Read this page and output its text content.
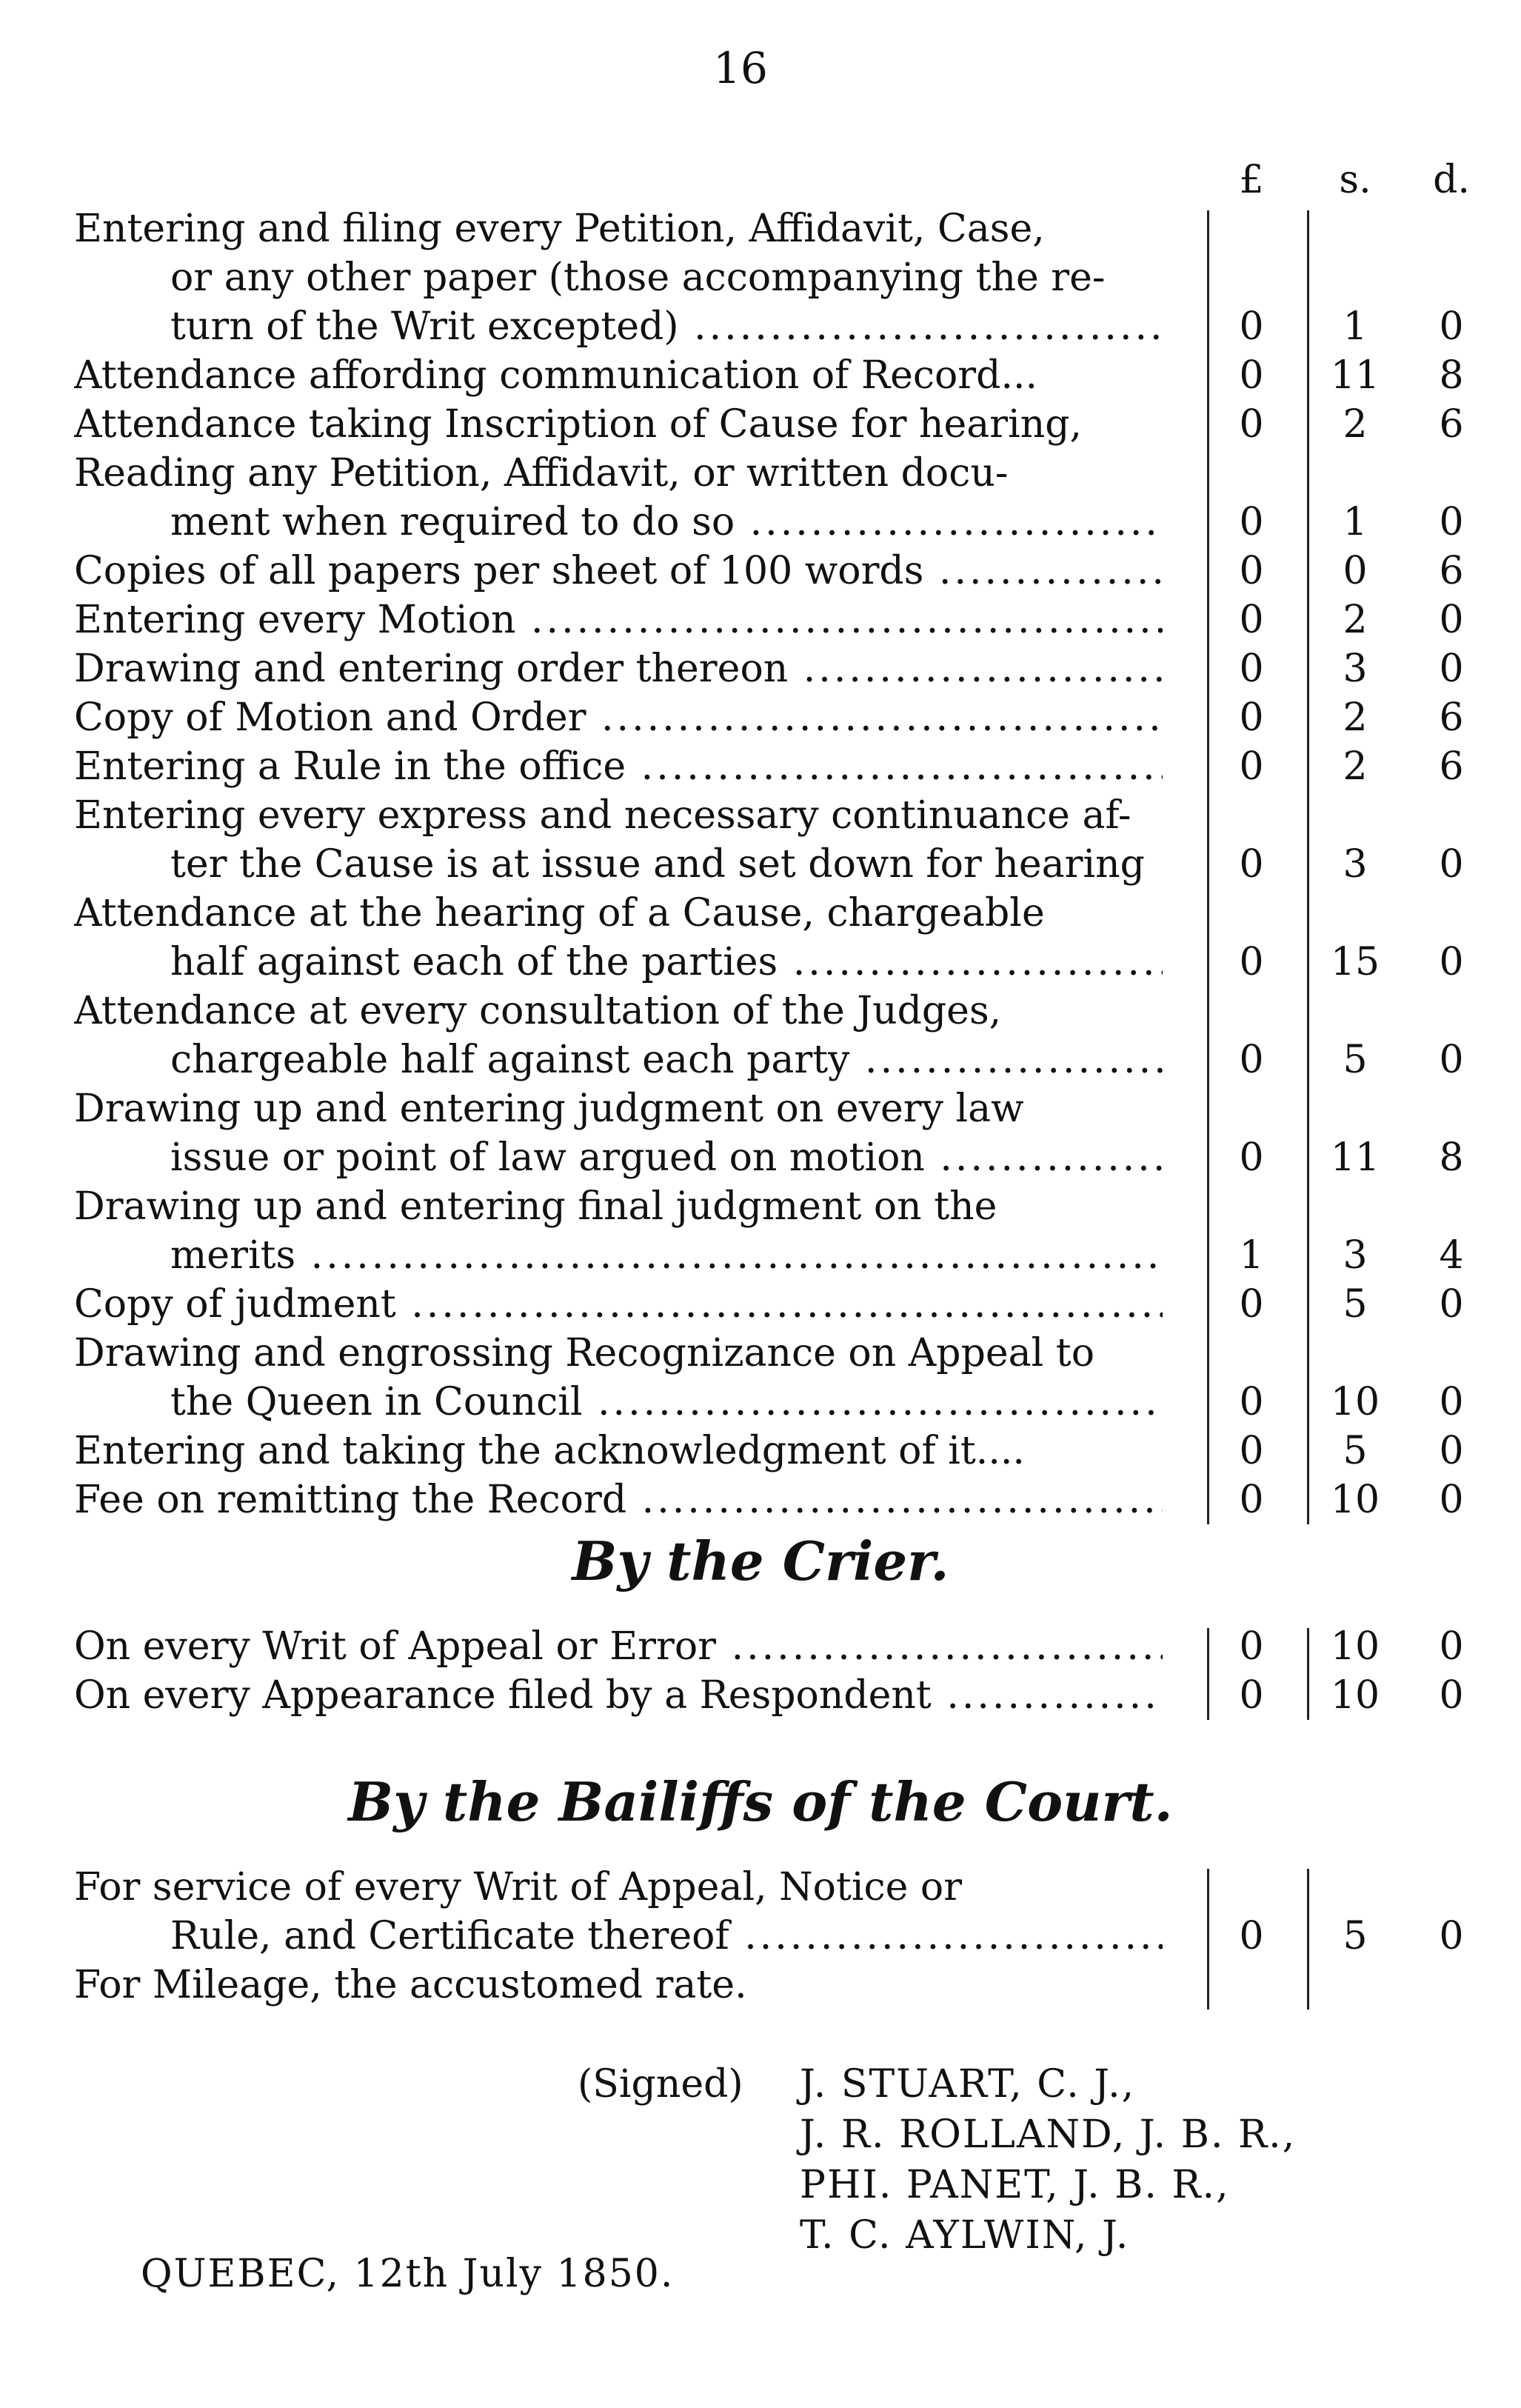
16
£	s.	d.
Entering and filing every Petition, Affidavit, Case,
or any other paper (those accompanying the re-
turn of the Writ excepted) .....	0	1	0
Attendance affording communication of Record...	0	11	8
Attendance taking Inscription of Cause for hearing,	0	2	6
Reading any Petition, Affidavit, or written docu-
ment when required to do so .....	0	1	0
Copies of all papers per sheet of 100 words .....	0	0	6
Entering every Motion .....	0	2	0
Drawing and entering order thereon .....	0	3	0
Copy of Motion and Order .....	0	2	6
Entering a Rule in the office .....	0	2	6
Entering every express and necessary continuance af-
ter the Cause is at issue and set down for hearing .....	0	3	0
Attendance at the hearing of a Cause, chargeable
half against each of the parties .....	0	15	0
Attendance at every consultation of the Judges,
chargeable half against each party .....	0	5	0
Drawing up and entering judgment on every law
issue or point of law argued on motion .....	0	11	8
Drawing up and entering final judgment on the
merits .....	1	3	4
Copy of judment .....	0	5	0
Drawing and engrossing Recognizance on Appeal to
the Queen in Council .....	0	10	0
Entering and taking the acknowledgment of it....	0	5	0
Fee on remitting the Record .....	0	10	0
By the Crier.
On every Writ of Appeal or Error .....	0	10	0
On every Appearance filed by a Respondent .....	0	10	0
By the Bailiffs of the Court.
For service of every Writ of Appeal, Notice or
Rule, and Certificate thereof .....	0	5	0
For Mileage, the accustomed rate.
(Signed) J. STUART, C. J.,
J. R. ROLLAND, J. B. R.,
PHI. PANET, J. B. R.,
T. C. AYLWIN, J.
QUEBEC, 12th July 1850.
